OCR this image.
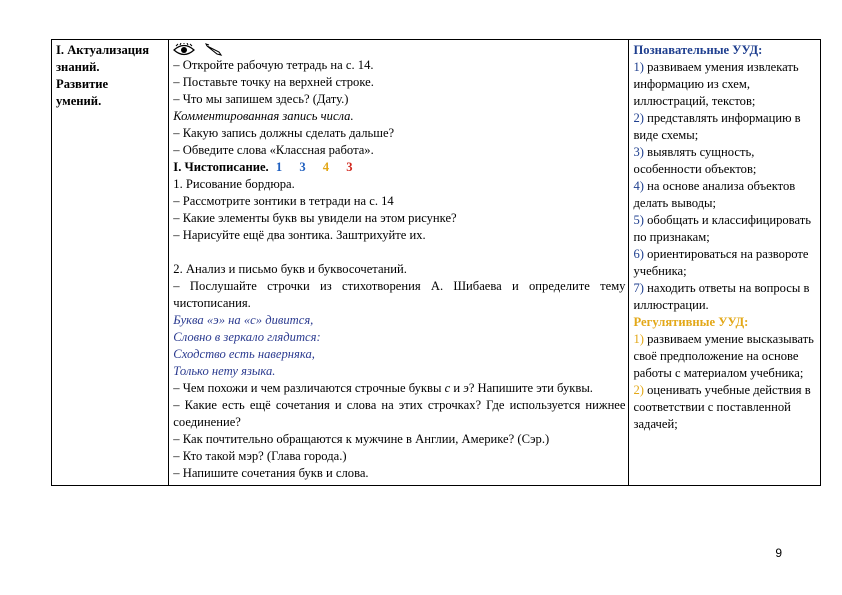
I. Актуализация
знаний.
Развитие
умений.

– Откройте рабочую тетрадь на с. 14.
– Поставьте точку на верхней строке.
– Что мы запишем здесь? (Дату.)
Комментированная запись числа.
– Какую запись должны сделать дальше?
– Обведите слова «Классная работа».
I. Чистописание. 1 3 4 3
1. Рисование бордюра.
– Рассмотрите зонтики в тетради на с. 14
– Какие элементы букв вы увидели на этом рисунке?
– Нарисуйте ещё два зонтика. Заштрихуйте их.
2. Анализ и письмо букв и буквосочетаний.
– Послушайте строчки из стихотворения А. Шибаева и определите тему чистописания.
Буква «э» на «с» дивится,
Словно в зеркало глядится:
Сходство есть наверняка,
Только нету языка.
– Чем похожи и чем различаются строчные буквы с и э? Напишите эти буквы.
– Какие есть ещё сочетания и слова на этих строчках? Где используется нижнее соединение?
– Как почтительно обращаются к мужчине в Англии, Америке? (Сэр.)
– Кто такой мэр? (Глава города.)
– Напишите сочетания букв и слова.

Познавательные УУД:
1) развиваем умения извлекать информацию из схем, иллюстраций, текстов;
2) представлять информацию в виде схемы;
3) выявлять сущность, особенности объектов;
4) на основе анализа объектов делать выводы;
5) обобщать и классифицировать по признакам;
6) ориентироваться на развороте учебника;
7) находить ответы на вопросы в иллюстрации.
Регулятивные УУД:
1) развиваем умение высказывать своё предположение на основе работы с материалом учебника;
2) оценивать учебные действия в соответствии с поставленной задачей;
9
